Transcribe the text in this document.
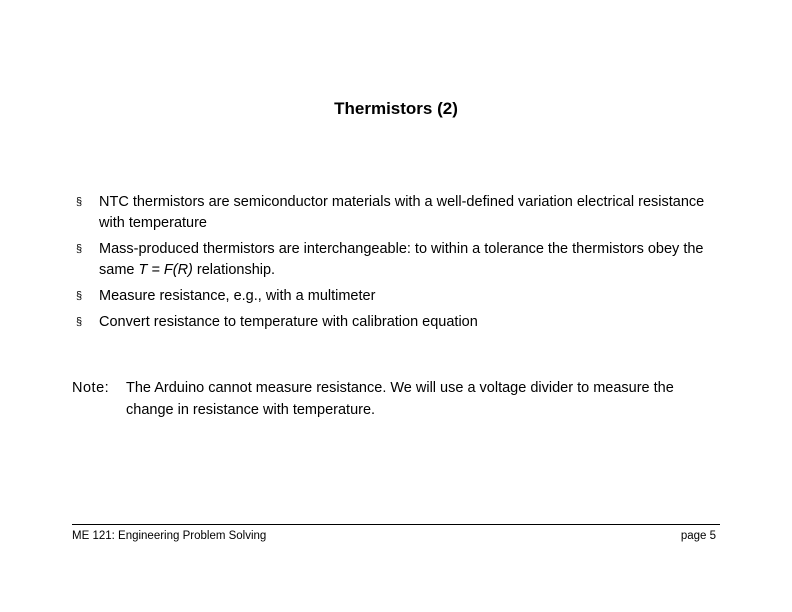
Thermistors (2)
§ NTC thermistors are semiconductor materials with a well-defined variation electrical resistance with temperature
§ Mass-produced thermistors are interchangeable: to within a tolerance the thermistors obey the same T = F(R) relationship.
§ Measure resistance, e.g., with a multimeter
§ Convert resistance to temperature with calibration equation
Note:	The Arduino cannot measure resistance. We will use a voltage divider to measure the change in resistance with temperature.
ME 121: Engineering Problem Solving	page 5
